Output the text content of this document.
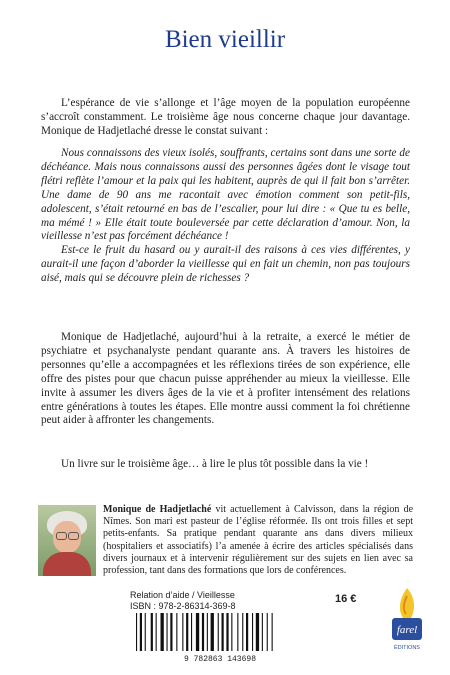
Bien vieillir
L’espérance de vie s’allonge et l’âge moyen de la population européenne s’accroît constamment. Le troisième âge nous concerne chaque jour davantage. Monique de Hadjetlaché dresse le constat suivant :
Nous connaissons des vieux isolés, souffrants, certains sont dans une sorte de déchéance. Mais nous connaissons aussi des personnes âgées dont le visage tout flétri reflète l’amour et la paix qui les habitent, auprès de qui il fait bon s’arrêter. Une dame de 90 ans me racontait avec émotion comment son petit-fils, adolescent, s’était retourné en bas de l’escalier, pour lui dire : « Que tu es belle, ma mémé ! » Elle était toute bouleversée par cette déclaration d’amour. Non, la vieillesse n’est pas forcément déchéance !
Est-ce le fruit du hasard ou y aurait-il des raisons à ces vies différentes, y aurait-il une façon d’aborder la vieillesse qui en fait un chemin, non pas toujours aisé, mais qui se découvre plein de richesses ?
Monique de Hadjetlaché, aujourd’hui à la retraite, a exercé le métier de psychiatre et psychanalyste pendant quarante ans. À travers les histoires de personnes qu’elle a accompagnées et les réflexions tirées de son expérience, elle offre des pistes pour que chacun puisse appréhender au mieux la vieillesse. Elle invite à assumer les divers âges de la vie et à profiter intensément des relations entre générations à toutes les étapes. Elle montre aussi comment la foi chrétienne peut aider à affronter les changements.
Un livre sur le troisième âge… à lire le plus tôt possible dans la vie !
Monique de Hadjetlaché vit actuellement à Calvisson, dans la région de Nîmes. Son mari est pasteur de l’église réformée. Ils ont trois filles et sept petits-enfants. Sa pratique pendant quarante ans dans divers milieux (hospitaliers et associatifs) l’a amenée à écrire des articles spécialisés dans divers journaux et à intervenir régulièrement sur des sujets en lien avec sa profession, tant dans des formations que lors de conférences.
Relation d’aide / Vieillesse
ISBN : 978-2-86314-369-8
16 €
9 782863 143698
farel
ÉDITIONS
